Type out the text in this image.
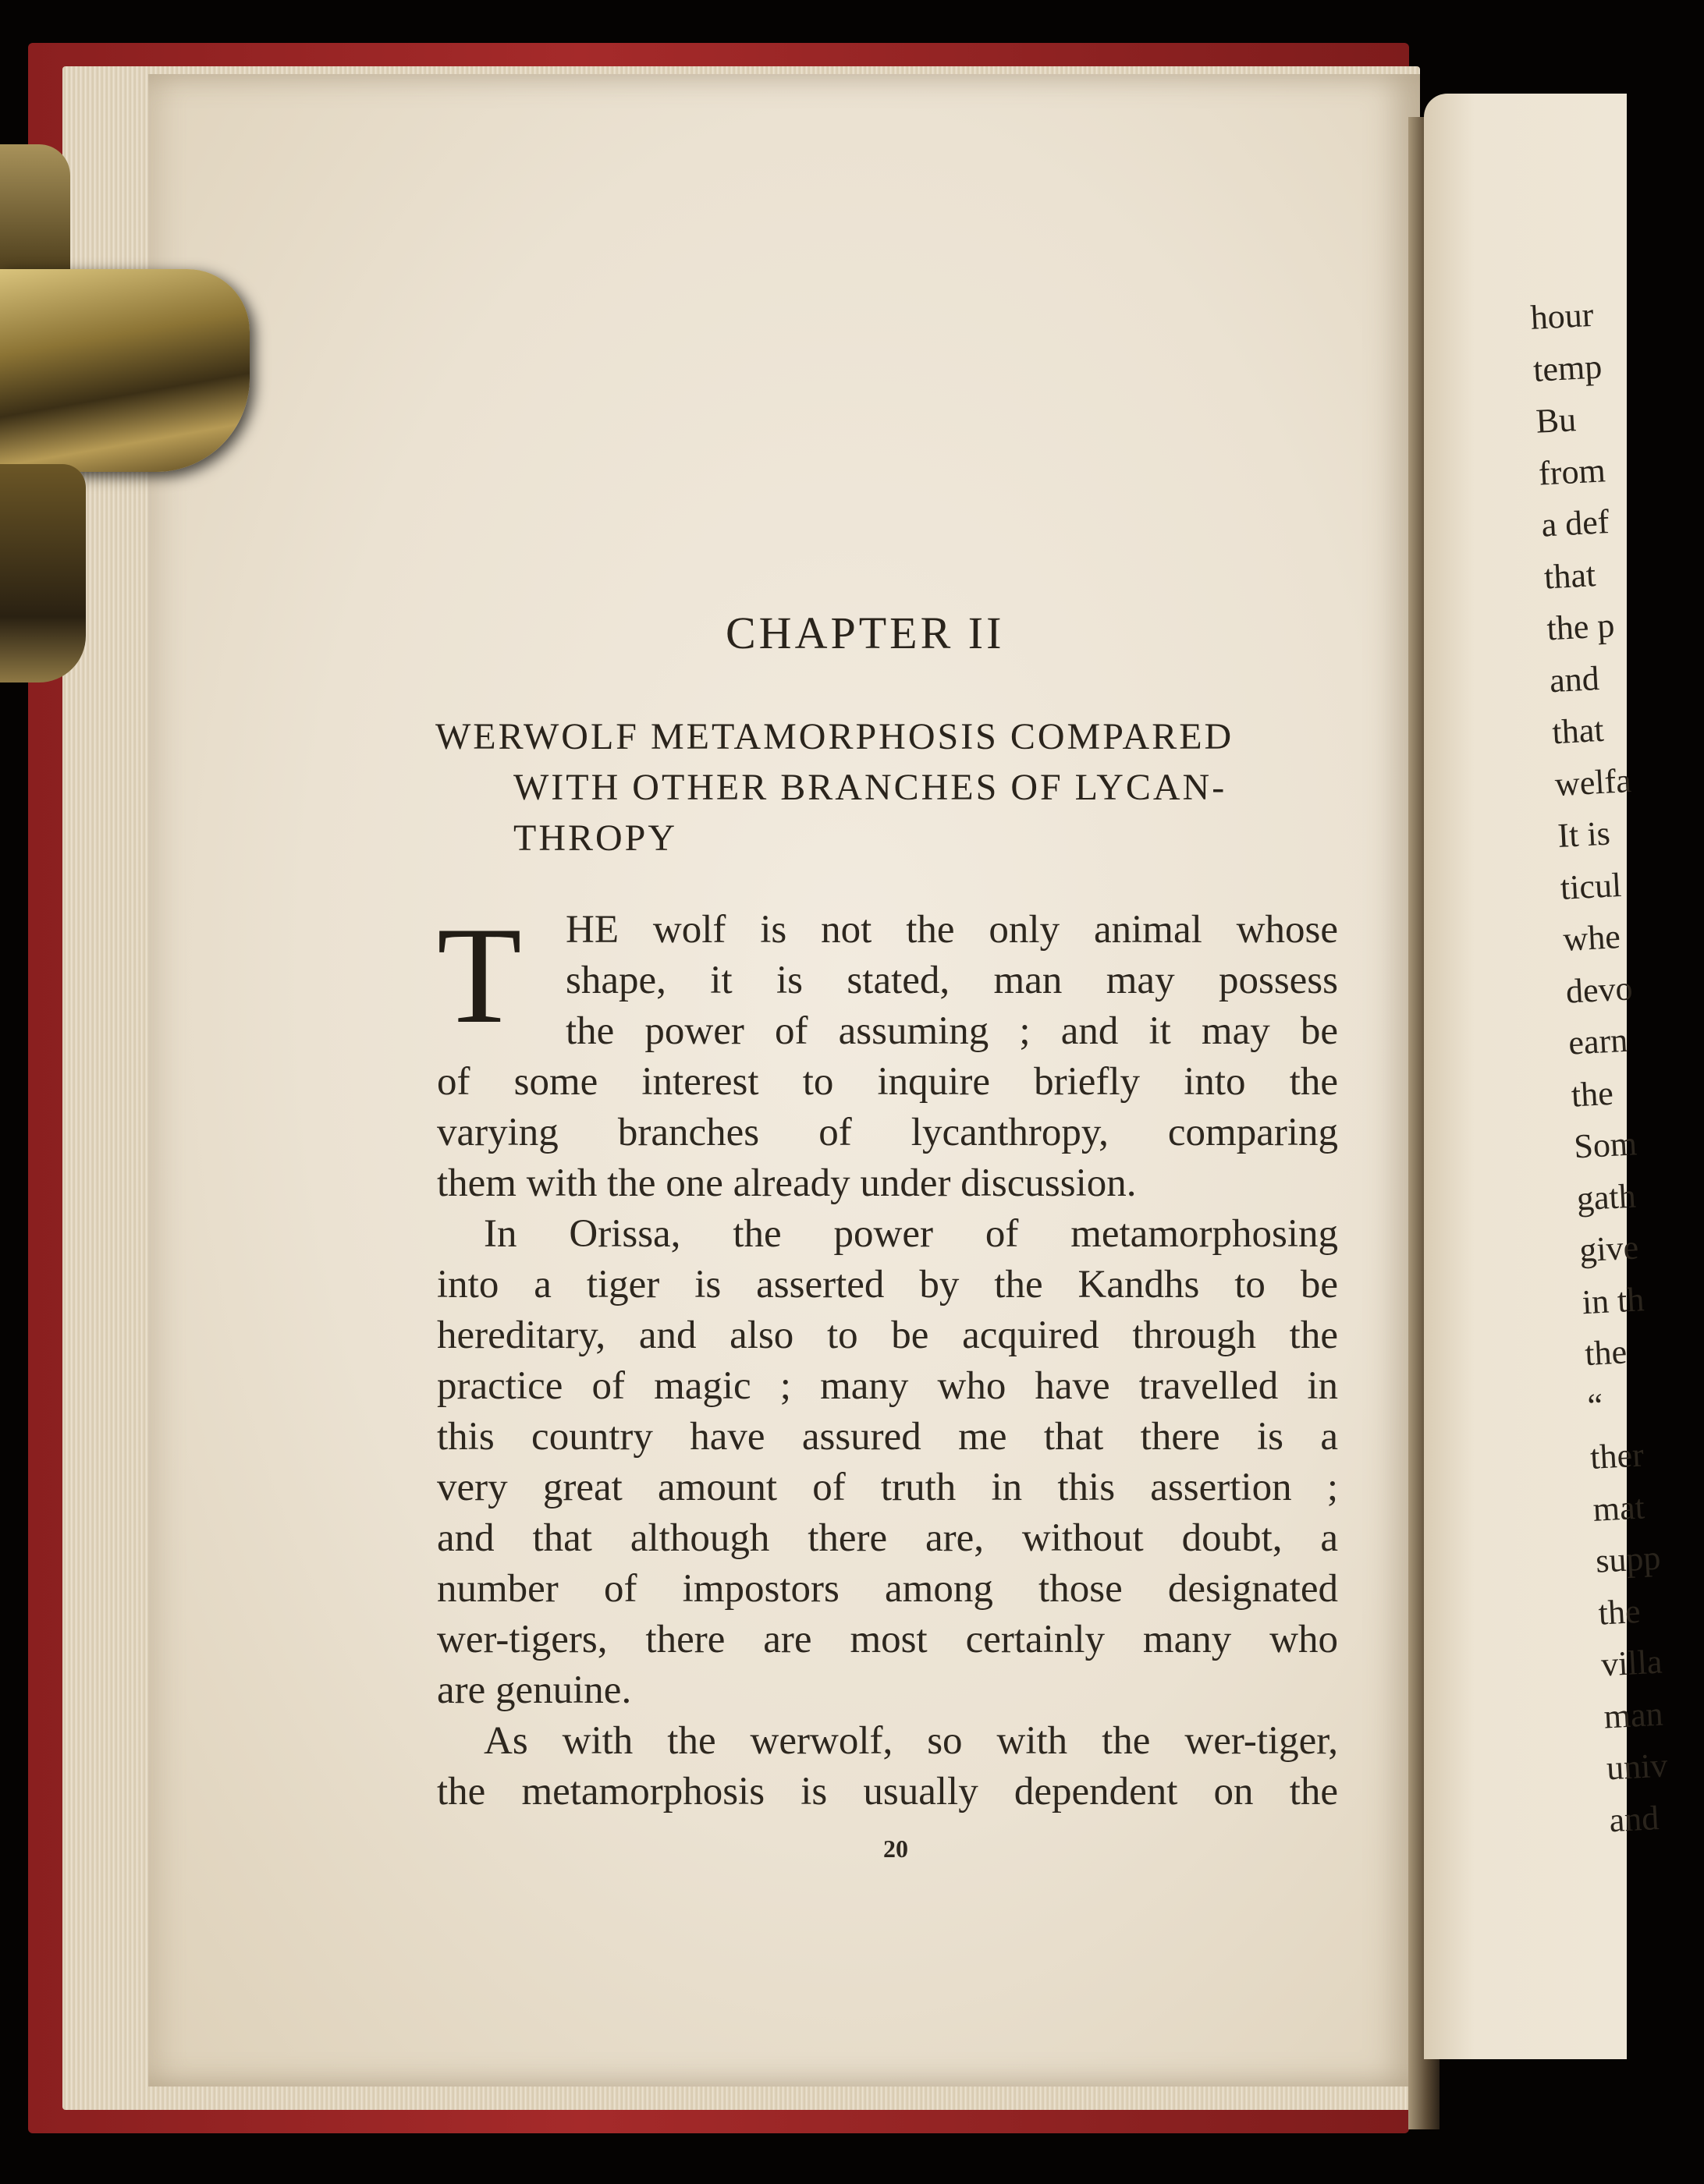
CHAPTER II
WERWOLF METAMORPHOSIS COMPARED
WITH OTHER BRANCHES OF LYCAN-
THROPY
T	HE wolf is not the only animal whose
shape, it is stated, man may possess
the power of assuming ; and it may be
of some interest to inquire briefly into the
varying branches of lycanthropy, comparing
them with the one already under discussion.
In Orissa, the power of metamorphosing
into a tiger is asserted by the Kandhs to be
hereditary, and also to be acquired through the
practice of magic ; many who have travelled in
this country have assured me that there is a
very great amount of truth in this assertion ;
and that although there are, without doubt, a
number of impostors among those designated
wer-tigers, there are most certainly many who
are genuine.
As with the werwolf, so with the wer-tiger,
the metamorphosis is usually dependent on the
20
hour
temp
Bu
from
a def
that
the p
and
that
welfa
It is
ticul
whe
devo
earn
the
Som
gath
give
in th
the
“
ther
mat
supp
the
villa
man
univ
and
